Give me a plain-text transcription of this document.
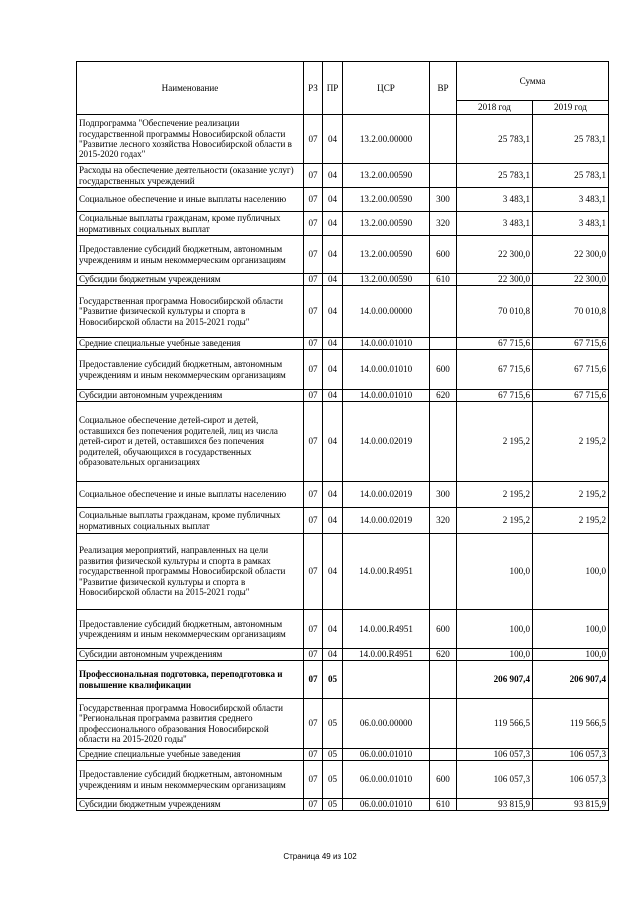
Наименование	РЗ	ПР	ЦСР	ВР	Сумма	
					2018 год	2019 год
Подпрограмма "Обеспечение реализации государственной программы Новосибирской области "Развитие лесного хозяйства Новосибирской области в 2015-2020 годах"	07	04	13.2.00.00000		25 783,1	25 783,1
Расходы на обеспечение деятельности (оказание услуг) государственных учреждений	07	04	13.2.00.00590		25 783,1	25 783,1
Социальное обеспечение и иные выплаты населению	07	04	13.2.00.00590	300	3 483,1	3 483,1
Социальные выплаты гражданам, кроме публичных нормативных социальных выплат	07	04	13.2.00.00590	320	3 483,1	3 483,1
Предоставление субсидий бюджетным, автономным учреждениям и иным некоммерческим организациям	07	04	13.2.00.00590	600	22 300,0	22 300,0
Субсидии бюджетным учреждениям	07	04	13.2.00.00590	610	22 300,0	22 300,0
Государственная программа Новосибирской области "Развитие физической культуры и спорта в Новосибирской области на 2015-2021 годы"	07	04	14.0.00.00000		70 010,8	70 010,8
Средние специальные учебные заведения	07	04	14.0.00.01010		67 715,6	67 715,6
Предоставление субсидий бюджетным, автономным учреждениям и иным некоммерческим организациям	07	04	14.0.00.01010	600	67 715,6	67 715,6
Субсидии автономным учреждениям	07	04	14.0.00.01010	620	67 715,6	67 715,6
Социальное обеспечение детей-сирот и детей, оставшихся без попечения родителей, лиц из числа детей-сирот и детей, оставшихся без попечения родителей, обучающихся в государственных образовательных организациях	07	04	14.0.00.02019		2 195,2	2 195,2
Социальное обеспечение и иные выплаты населению	07	04	14.0.00.02019	300	2 195,2	2 195,2
Социальные выплаты гражданам, кроме публичных нормативных социальных выплат	07	04	14.0.00.02019	320	2 195,2	2 195,2
Реализация мероприятий, направленных на цели развития физической культуры и спорта в рамках государственной программы Новосибирской области "Развитие физической культуры и спорта в Новосибирской области на 2015-2021 годы"	07	04	14.0.00.R4951		100,0	100,0
Предоставление субсидий бюджетным, автономным учреждениям и иным некоммерческим организациям	07	04	14.0.00.R4951	600	100,0	100,0
Субсидии автономным учреждениям	07	04	14.0.00.R4951	620	100,0	100,0
Профессиональная подготовка, переподготовка и повышение квалификации	07	05			206 907,4	206 907,4
Государственная программа Новосибирской области "Региональная программа развития среднего профессионального образования Новосибирской области на 2015-2020 годы"	07	05	06.0.00.00000		119 566,5	119 566,5
Средние специальные учебные заведения	07	05	06.0.00.01010		106 057,3	106 057,3
Предоставление субсидий бюджетным, автономным учреждениям и иным некоммерческим организациям	07	05	06.0.00.01010	600	106 057,3	106 057,3
Субсидии бюджетным учреждениям	07	05	06.0.00.01010	610	93 815,9	93 815,9
Страница 49 из 102
